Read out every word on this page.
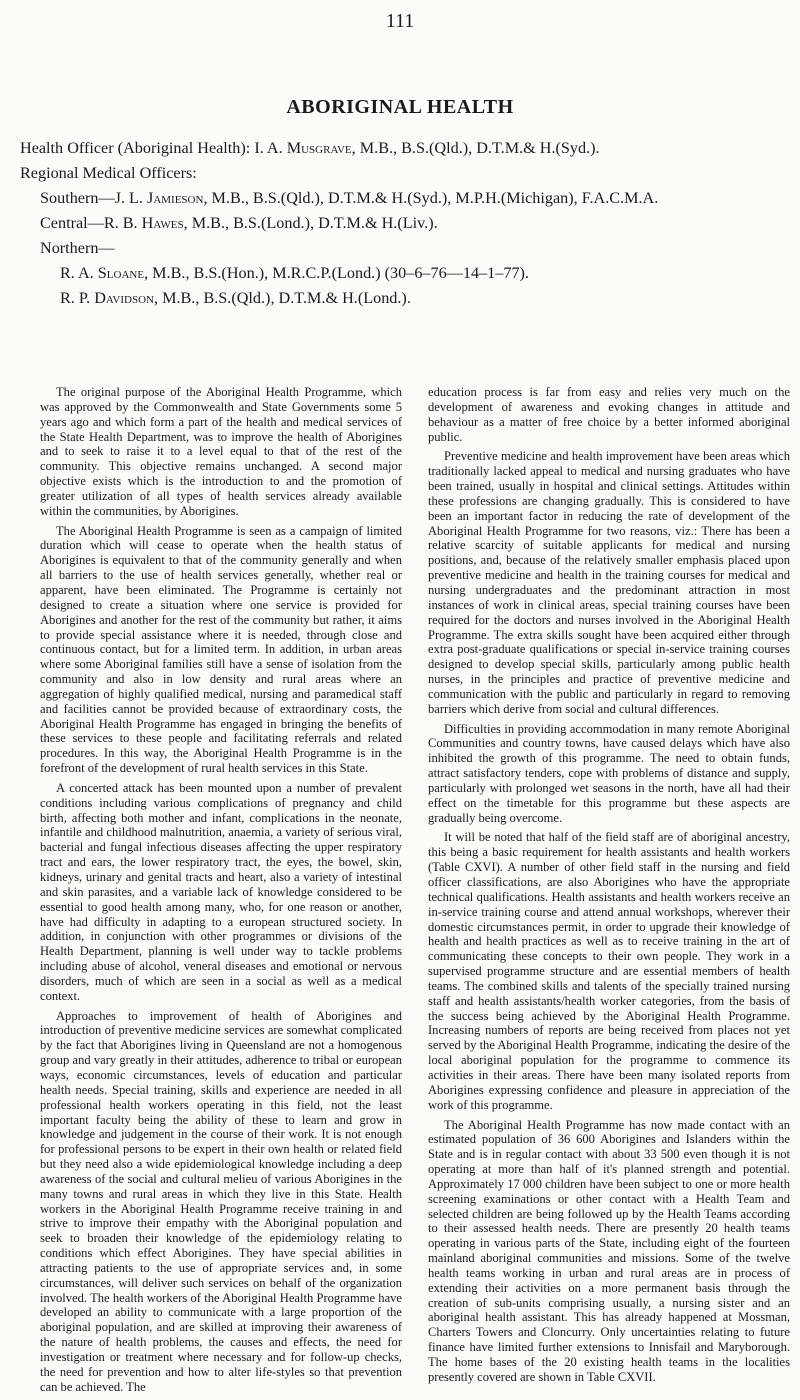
111
ABORIGINAL HEALTH
Health Officer (Aboriginal Health): I. A. Musgrave, M.B., B.S.(Qld.), D.T.M.& H.(Syd.).
Regional Medical Officers:
Southern—J. L. Jamieson, M.B., B.S.(Qld.), D.T.M.& H.(Syd.), M.P.H.(Michigan), F.A.C.M.A.
Central—R. B. Hawes, M.B., B.S.(Lond.), D.T.M.& H.(Liv.).
Northern—
R. A. Sloane, M.B., B.S.(Hon.), M.R.C.P.(Lond.) (30–6–76—14–1–77).
R. P. Davidson, M.B., B.S.(Qld.), D.T.M.& H.(Lond.).

The original purpose of the Aboriginal Health Programme, which was approved by the Commonwealth and State Governments some 5 years ago and which form a part of the health and medical services of the State Health Department, was to improve the health of Aborigines and to seek to raise it to a level equal to that of the rest of the community. This objective remains unchanged. A second major objective exists which is the introduction to and the promotion of greater utilization of all types of health services already available within the communities, by Aborigines.

The Aboriginal Health Programme is seen as a campaign of limited duration which will cease to operate when the health status of Aborigines is equivalent to that of the community generally and when all barriers to the use of health services generally, whether real or apparent, have been eliminated. The Programme is certainly not designed to create a situation where one service is provided for Aborigines and another for the rest of the community but rather, it aims to provide special assistance where it is needed, through close and continuous contact, but for a limited term. In addition, in urban areas where some Aboriginal families still have a sense of isolation from the community and also in low density and rural areas where an aggregation of highly qualified medical, nursing and paramedical staff and facilities cannot be provided because of extraordinary costs, the Aboriginal Health Programme has engaged in bringing the benefits of these services to these people and facilitating referrals and related procedures. In this way, the Aboriginal Health Programme is in the forefront of the development of rural health services in this State.

A concerted attack has been mounted upon a number of prevalent conditions including various complications of pregnancy and child birth, affecting both mother and infant, complications in the neonate, infantile and childhood malnutrition, anaemia, a variety of serious viral, bacterial and fungal infectious diseases affecting the upper respiratory tract and ears, the lower respiratory tract, the eyes, the bowel, skin, kidneys, urinary and genital tracts and heart, also a variety of intestinal and skin parasites, and a variable lack of knowledge considered to be essential to good health among many, who, for one reason or another, have had difficulty in adapting to a european structured society. In addition, in conjunction with other programmes or divisions of the Health Department, planning is well under way to tackle problems including abuse of alcohol, veneral diseases and emotional or nervous disorders, much of which are seen in a social as well as a medical context.

Approaches to improvement of health of Aborigines and introduction of preventive medicine services are somewhat complicated by the fact that Aborigines living in Queensland are not a homogenous group and vary greatly in their attitudes, adherence to tribal or european ways, economic circumstances, levels of education and particular health needs. Special training, skills and experience are needed in all professional health workers operating in this field, not the least important faculty being the ability of these to learn and grow in knowledge and judgement in the course of their work. It is not enough for professional persons to be expert in their own health or related field but they need also a wide epidemiological knowledge including a deep awareness of the social and cultural melieu of various Aborigines in the many towns and rural areas in which they live in this State. Health workers in the Aboriginal Health Programme receive training in and strive to improve their empathy with the Aboriginal population and seek to broaden their knowledge of the epidemiology relating to conditions which effect Aborigines. They have special abilities in attracting patients to the use of appropriate services and, in some circumstances, will deliver such services on behalf of the organization involved. The health workers of the Aboriginal Health Programme have developed an ability to communicate with a large proportion of the aboriginal population, and are skilled at improving their awareness of the nature of health problems, the causes and effects, the need for investigation or treatment where necessary and for follow-up checks, the need for prevention and how to alter life-styles so that prevention can be achieved. The

education process is far from easy and relies very much on the development of awareness and evoking changes in attitude and behaviour as a matter of free choice by a better informed aboriginal public.

Preventive medicine and health improvement have been areas which traditionally lacked appeal to medical and nursing graduates who have been trained, usually in hospital and clinical settings. Attitudes within these professions are changing gradually. This is considered to have been an important factor in reducing the rate of development of the Aboriginal Health Programme for two reasons, viz.: There has been a relative scarcity of suitable applicants for medical and nursing positions, and, because of the relatively smaller emphasis placed upon preventive medicine and health in the training courses for medical and nursing undergraduates and the predominant attraction in most instances of work in clinical areas, special training courses have been required for the doctors and nurses involved in the Aboriginal Health Programme. The extra skills sought have been acquired either through extra post-graduate qualifications or special in-service training courses designed to develop special skills, particularly among public health nurses, in the principles and practice of preventive medicine and communication with the public and particularly in regard to removing barriers which derive from social and cultural differences.

Difficulties in providing accommodation in many remote Aboriginal Communities and country towns, have caused delays which have also inhibited the growth of this programme. The need to obtain funds, attract satisfactory tenders, cope with problems of distance and supply, particularly with prolonged wet seasons in the north, have all had their effect on the timetable for this programme but these aspects are gradually being overcome.

It will be noted that half of the field staff are of aboriginal ancestry, this being a basic requirement for health assistants and health workers (Table CXVI). A number of other field staff in the nursing and field officer classifications, are also Aborigines who have the appropriate technical qualifications. Health assistants and health workers receive an in-service training course and attend annual workshops, wherever their domestic circumstances permit, in order to upgrade their knowledge of health and health practices as well as to receive training in the art of communicating these concepts to their own people. They work in a supervised programme structure and are essential members of health teams. The combined skills and talents of the specially trained nursing staff and health assistants/health worker categories, from the basis of the success being achieved by the Aboriginal Health Programme. Increasing numbers of reports are being received from places not yet served by the Aboriginal Health Programme, indicating the desire of the local aboriginal population for the programme to commence its activities in their areas. There have been many isolated reports from Aborigines expressing confidence and pleasure in appreciation of the work of this programme.

The Aboriginal Health Programme has now made contact with an estimated population of 36 600 Aborigines and Islanders within the State and is in regular contact with about 33 500 even though it is not operating at more than half of it's planned strength and potential. Approximately 17 000 children have been subject to one or more health screening examinations or other contact with a Health Team and selected children are being followed up by the Health Teams according to their assessed health needs. There are presently 20 health teams operating in various parts of the State, including eight of the fourteen mainland aboriginal communities and missions. Some of the twelve health teams working in urban and rural areas are in process of extending their activities on a more permanent basis through the creation of sub-units comprising usually, a nursing sister and an aboriginal health assistant. This has already happened at Mossman, Charters Towers and Cloncurry. Only uncertainties relating to future finance have limited further extensions to Innisfail and Maryborough. The home bases of the 20 existing health teams in the localities presently covered are shown in Table CXVII.
